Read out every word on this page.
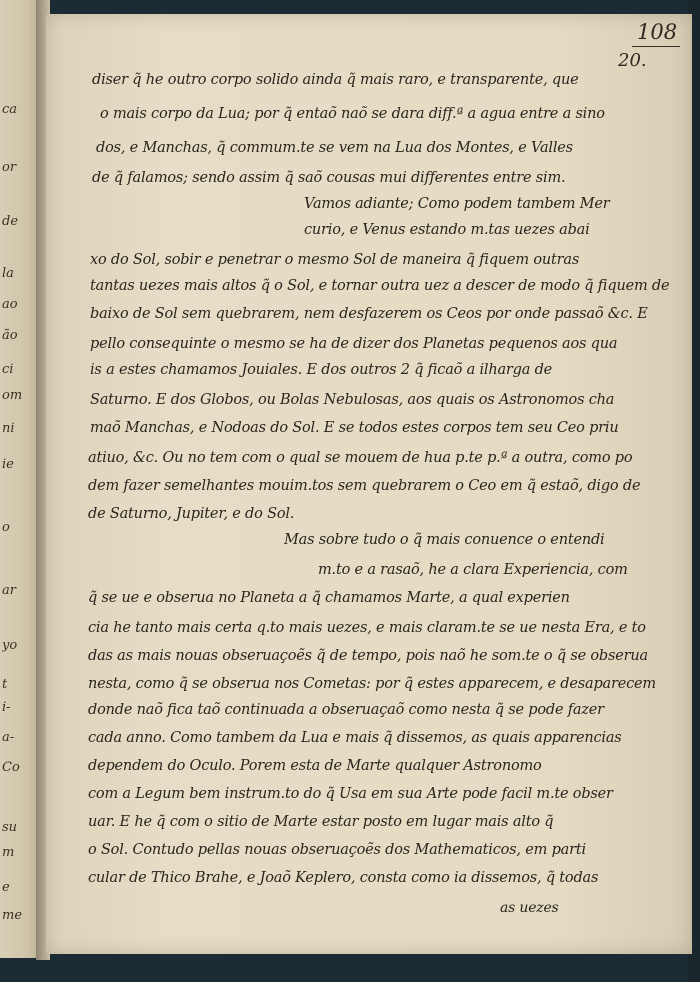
ca
or
de
la
ao
ão
ci
om
ni
ie
o
ar
yo
t
i-
a-
Co
su
m
e
me
108
20.
diser q̃ he outro corpo solido ainda q̃ mais raro, e transparente, que
o mais corpo da Lua; por q̃ entaõ naõ se dara diff.ª a agua entre a sino
dos, e Manchas, q̃ commum.te se vem na Lua dos Montes, e Valles
de q̃ falamos; sendo assim q̃ saõ cousas mui differentes entre sim.
Vamos adiante; Como podem tambem Mer
curio, e Venus estando m.tas uezes abai
xo do Sol, sobir e penetrar o mesmo Sol de maneira q̃ fiquem outras
tantas uezes mais altos q̃ o Sol, e tornar outra uez a descer de modo q̃ fiquem de
baixo de Sol sem quebrarem, nem desfazerem os Ceos por onde passaõ &c. E
pello consequinte o mesmo se ha de dizer dos Planetas pequenos aos qua
is a estes chamamos Jouiales. E dos outros 2 q̃ ficaõ a ilharga de
Saturno. E dos Globos, ou Bolas Nebulosas, aos quais os Astronomos cha
maõ Manchas, e Nodoas do Sol. E se todos estes corpos tem seu Ceo priu
atiuo, &c. Ou no tem com o qual se mouem de hua p.te p.ª a outra, como po
dem fazer semelhantes mouim.tos sem quebrarem o Ceo em q̃ estaõ, digo de
de Saturno, Jupiter, e do Sol.
Mas sobre tudo o q̃ mais conuence o entendi
m.to e a rasaõ, he a clara Experiencia, com
q̃ se ue e obserua no Planeta a q̃ chamamos Marte, a qual experien
cia he tanto mais certa q.to mais uezes, e mais claram.te se ue nesta Era, e to
das as mais nouas obseruaçoẽs q̃ de tempo, pois naõ he som.te o q̃ se obserua
nesta, como q̃ se obserua nos Cometas: por q̃ estes apparecem, e desaparecem
donde naõ fica taõ continuada a obseruaçaõ como nesta q̃ se pode fazer
cada anno. Como tambem da Lua e mais q̃ dissemos, as quais apparencias
dependem do Oculo. Porem esta de Marte qualquer Astronomo
com a Legum bem instrum.to do q̃ Usa em sua Arte pode facil m.te obser
uar. E he q̃ com o sitio de Marte estar posto em lugar mais alto q̃
o Sol. Contudo pellas nouas obseruaçoẽs dos Mathematicos, em parti
cular de Thico Brahe, e Joaõ Keplero, consta como ia dissemos, q̃ todas
as uezes
